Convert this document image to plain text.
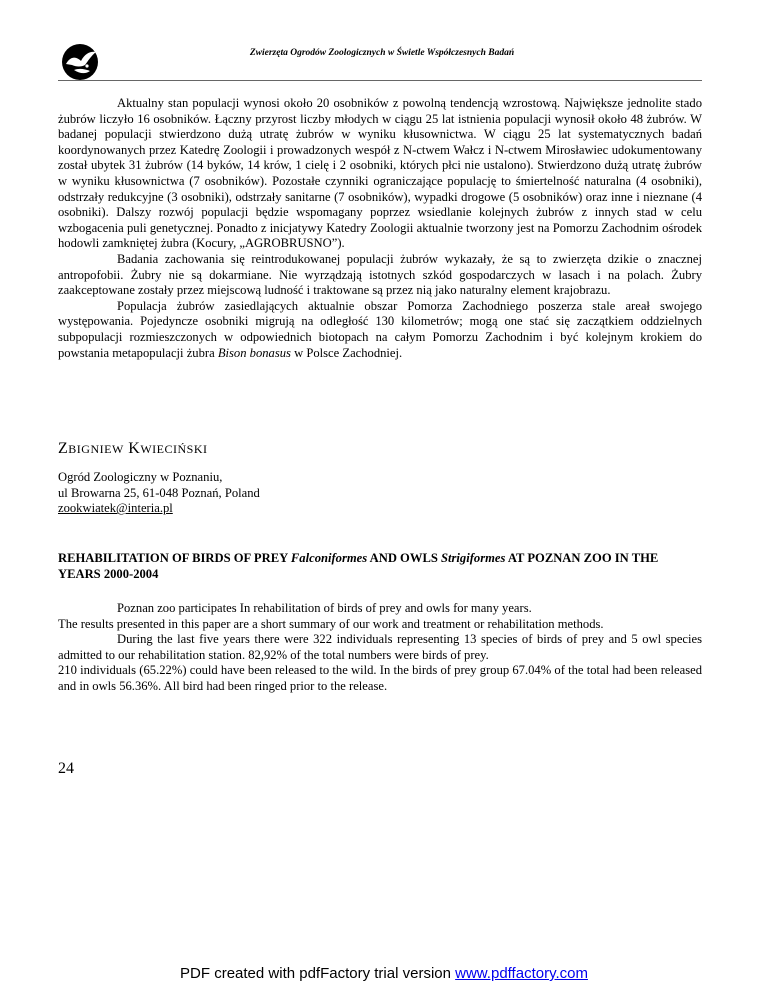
Zwierzęta Ogrodów Zoologicznych w Świetle Współczesnych Badań

Aktualny stan populacji wynosi około 20 osobników z powolną tendencją wzrostową. Największe jednolite stado żubrów liczyło 16 osobników. Łączny przyrost liczby młodych w ciągu 25 lat istnienia populacji wynosił około 48 żubrów. W badanej populacji stwierdzono dużą utratę żubrów w wyniku kłusownictwa. W ciągu 25 lat systematycznych badań koordynowanych przez Katedrę Zoologii i prowadzonych wespół z N-ctwem Wałcz i N-ctwem Mirosławiec udokumentowany został ubytek 31 żubrów (14 byków, 14 krów, 1 cielę i 2 osobniki, których płci nie ustalono). Stwierdzono dużą utratę żubrów w wyniku kłusownictwa (7 osobników). Pozostałe czynniki ograniczające populację to śmiertelność naturalna (4 osobniki), odstrzały redukcyjne (3 osobniki), odstrzały sanitarne (7 osobników), wypadki drogowe (5 osobników) oraz inne i nieznane (4 osobniki). Dalszy rozwój populacji będzie wspomagany poprzez wsiedlanie kolejnych żubrów z innych stad w celu wzbogacenia puli genetycznej. Ponadto z inicjatywy Katedry Zoologii aktualnie tworzony jest na Pomorzu Zachodnim ośrodek hodowli zamkniętej żubra (Kocury, „AGROBRUSNO”).

Badania zachowania się reintrodukowanej populacji żubrów wykazały, że są to zwierzęta dzikie o znacznej antropofobii. Żubry nie są dokarmiane. Nie wyrządzają istotnych szkód gospodarczych w lasach i na polach. Żubry zaakceptowane zostały przez miejscową ludność i traktowane są przez nią jako naturalny element krajobrazu.

Populacja żubrów zasiedlających aktualnie obszar Pomorza Zachodniego poszerza stale areał swojego występowania. Pojedyncze osobniki migrują na odległość 130 kilometrów; mogą one stać się zaczątkiem oddzielnych subpopulacji rozmieszczonych w odpowiednich biotopach na całym Pomorzu Zachodnim i być kolejnym krokiem do powstania metapopulacji żubra Bison bonasus w Polsce Zachodniej.

ZBIGNIEW KWIECIŃSKI
Ogród Zoologiczny w Poznaniu,
ul Browarna 25, 61-048 Poznań, Poland
zookwiatek@interia.pl
REHABILITATION OF BIRDS OF PREY Falconiformes AND OWLS Strigiformes AT POZNAN ZOO IN THE YEARS 2000-2004

Poznan zoo participates In rehabilitation of birds of prey and owls for many years.

The results presented in this paper are a short summary of our work and treatment or rehabilitation methods.

During the last five years there were 322 individuals representing 13 species of birds of prey and 5 owl species admitted to our rehabilitation station. 82,92% of the total numbers were birds of prey.

210 individuals (65.22%) could have been released to the wild. In the birds of prey group 67.04% of the total had been released and in owls 56.36%. All bird had been ringed prior to the release.

24
PDF created with pdfFactory trial version www.pdffactory.com
